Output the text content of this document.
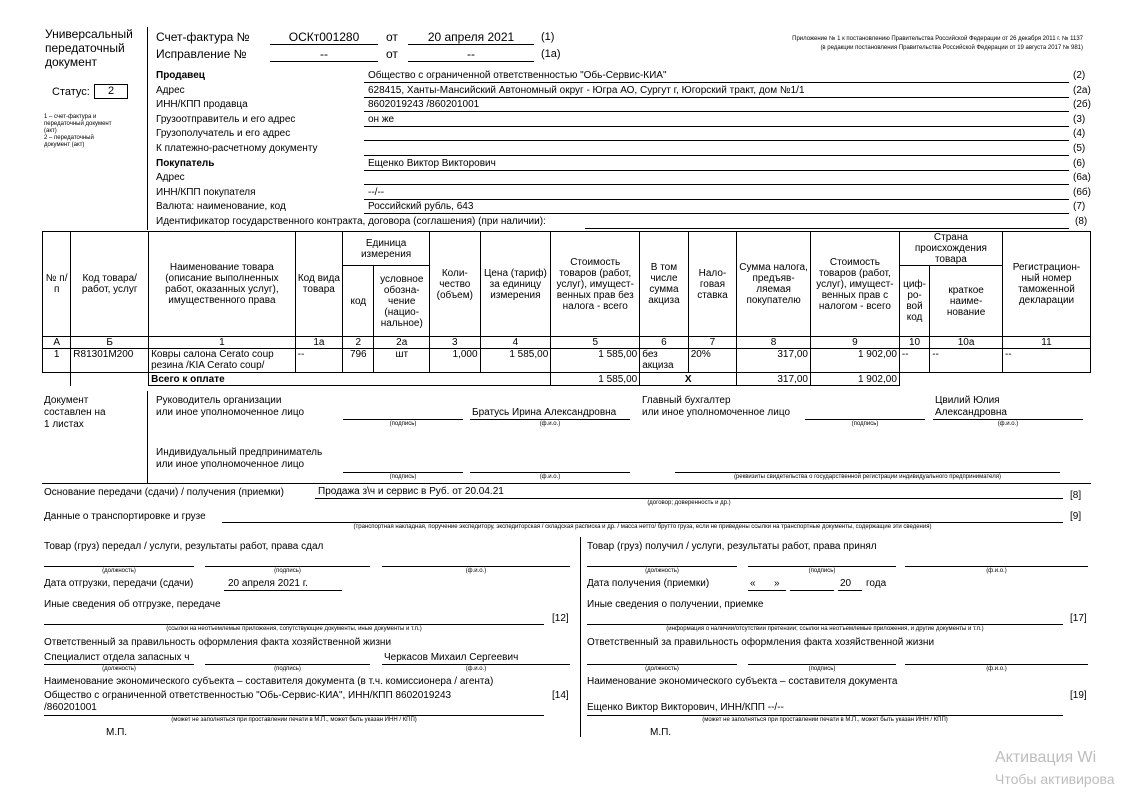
Универсальный
передаточный
документ
Статус:	2
1 – счет-фактура и
передаточный документ
(акт)
2 – передаточный
документ (акт)
Счет-фактура №	ОСКт001280	от	20 апреля 2021	(1)
Исправление №	--	от	--	(1а)
Приложение № 1 к постановлению Правительства Российской Федерации от 26 декабря 2011 г. № 1137
(в редакции постановления Правительства Российской Федерации от 19 августа 2017 № 981)
Продавец	Общество с ограниченной ответственностью "Обь-Сервис-КИА"	(2)
Адрес	628415, Ханты-Мансийский Автономный округ - Югра АО, Сургут г, Югорский тракт, дом №1/1	(2а)
ИНН/КПП продавца	8602019243 /860201001	(2б)
Грузоотправитель и его адрес	он же	(3)
Грузополучатель и его адрес	(4)
К платежно-расчетному документу	(5)
Покупатель	Ещенко Виктор Викторович	(6)
Адрес	(6а)
ИНН/КПП покупателя	--/--	(6б)
Валюта: наименование, код	Российский рубль, 643	(7)
Идентификатор государственного контракта, договора (соглашения) (при наличии):	(8)
№ п/п	Код товара/ работ, услуг	Наименование товара (описание выполненных работ, оказанных услуг), имущественного права	Код вида товара	Единица измерения		Коли- чество (объем)	Цена (тариф) за единицу измерения	Стоимость товаров (работ, услуг), имущест- венных прав без налога - всего	В том числе сумма акциза	Нало- говая ставка	Сумма налога, предъяв- ляемая покупателю	Стоимость товаров (работ, услуг), имущест- венных прав с налогом - всего	Страна происхождения товара		Регистрацион- ный номер таможенной декларации
				код	условное обозна- чение (нацио- нальное)								циф- ро- вой код	краткое наиме- нование	
А	Б	1	1а	2	2а	3	4	5	6	7	8	9	10	10а	11
1	R81301M200	Ковры салона Cerato coup резина /KIA Cerato coup/	--	796	шт	1,000	1 585,00	1 585,00	без акциза	20%	317,00	1 902,00	--	--	--
		Всего к оплате						1 585,00	X		317,00	1 902,00			
Документ
составлен на
1 листах
Руководитель организации
или иное уполномоченное лицо
(подпись)
Братусь Ирина Александровна
(ф.и.о.)
Главный бухгалтер
или иное уполномоченное лицо
(подпись)
Цвилий Юлия
Александровна
(ф.и.о.)
Индивидуальный предприниматель
или иное уполномоченное лицо
(подпись)	(ф.и.о.)	(реквизиты свидетельства о государственной регистрации индивидуального предпринимателя)
Основание передачи (сдачи) / получения (приемки)	Продажа з\ч и сервис в Руб. от 20.04.21
(договор; доверенность и др.)
[8]
Данные о транспортировке и грузе
(транспортная накладная, поручение экспедитору, экспедиторская / складская расписка и др. / масса нетто/ брутто груза, если не приведены ссылки на транспортные документы, содержащие эти сведения)
[9]
Товар (груз) передал / услуги, результаты работ, права сдал
(должность)	(подпись)	(ф.и.о.)
Дата отгрузки, передачи (сдачи)	20 апреля 2021 г.
Иные сведения об отгрузке, передаче
[12]
(ссылки на неотъемлемые приложения, сопутствующие документы, иные документы и т.п.)
Ответственный за правильность оформления факта хозяйственной жизни
Специалист отдела запасных ч
(должность)	(подпись)
Черкасов Михаил Сергеевич
(ф.и.о.)
Наименование экономического субъекта – составителя документа (в т.ч. комиссионера / агента)
Общество с ограниченной ответственностью "Обь-Сервис-КИА", ИНН/КПП 8602019243
/860201001
[14]
(может не заполняться при проставлении печати в М.П., может быть указан ИНН / КПП)
М.П.
Товар (груз) получил / услуги, результаты работ, права принял
(должность)	(подпись)	(ф.и.о.)
Дата получения (приемки)	« »	20 года
Иные сведения о получении, приемке
[17]
(информация о наличии/отсутствии претензии; ссылки на неотъемлемые приложения, и другие документы и т.п.)
Ответственный за правильность оформления факта хозяйственной жизни
(должность)	(подпись)	(ф.и.о.)
Наименование экономического субъекта – составителя документа
Ещенко Виктор Викторович, ИНН/КПП --/--
[19]
(может не заполняться при проставлении печати в М.П., может быть указан ИНН / КПП)
М.П.
Активация Wi
Чтобы активирова
